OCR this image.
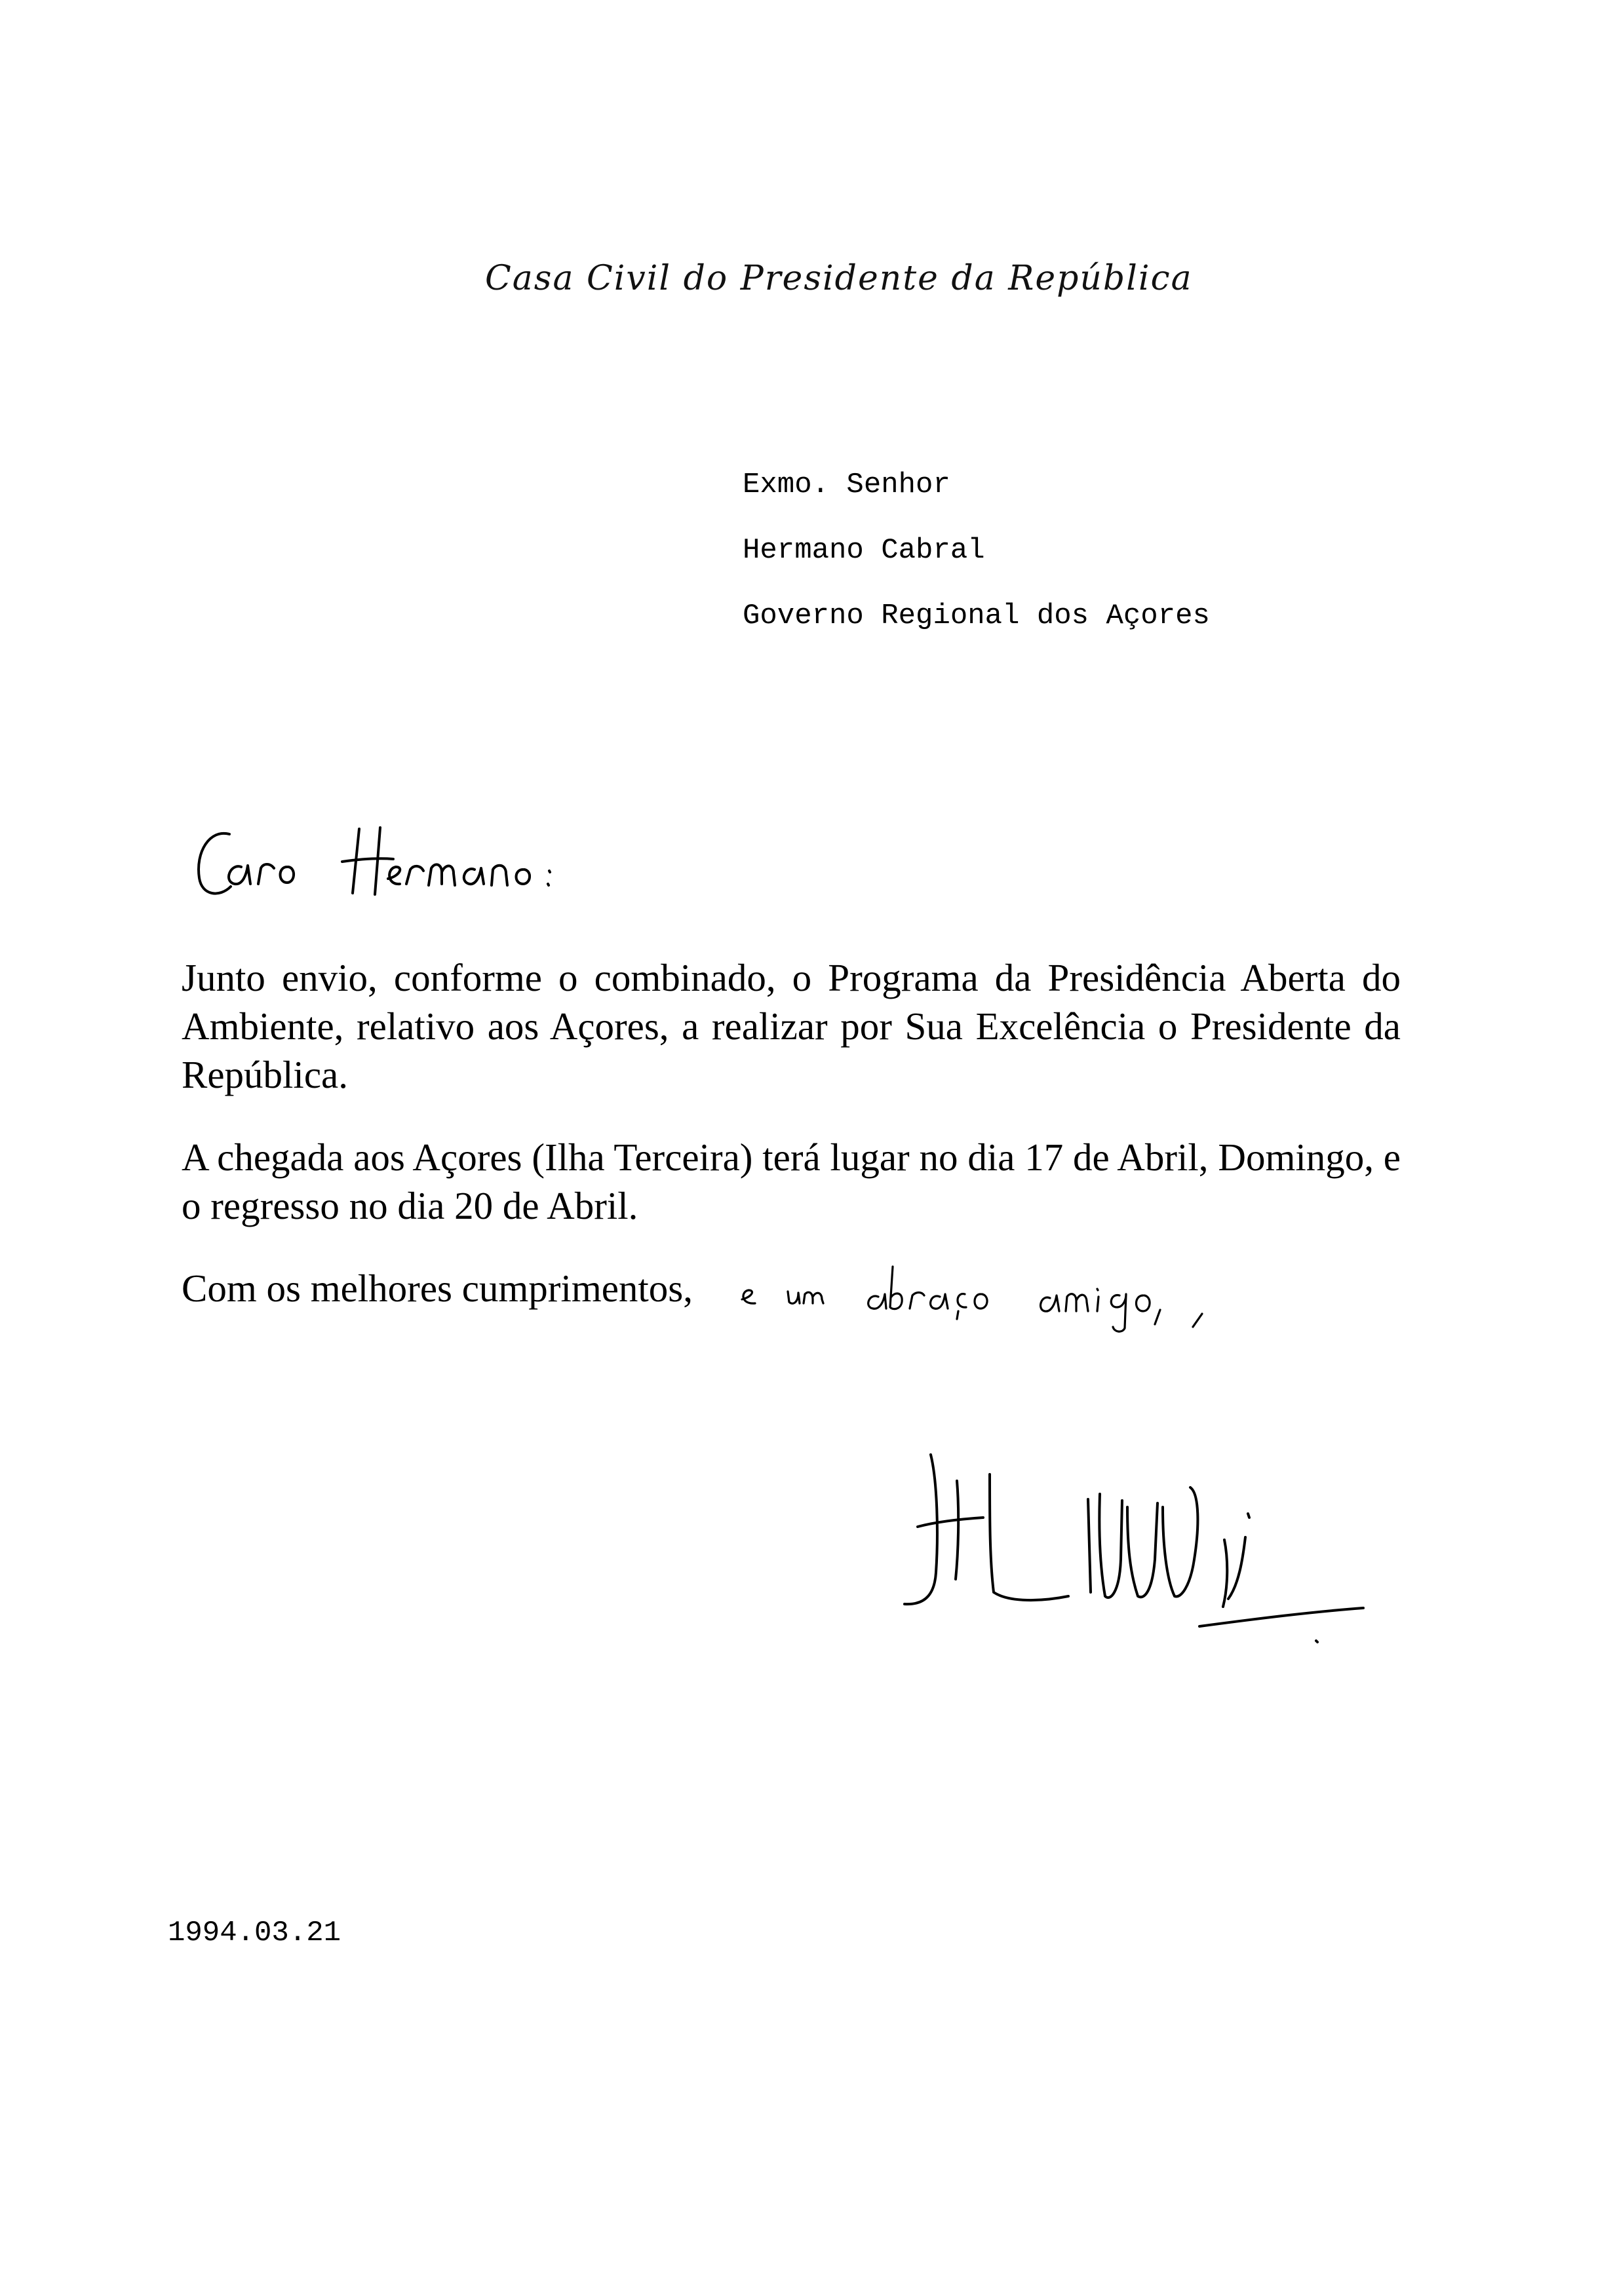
Casa Civil do Presidente da República
Exmo. Senhor
Hermano Cabral
Governo Regional dos Açores

Junto envio, conforme o combinado, o Programa da Presidência Aberta do Ambiente, relativo aos Açores, a realizar por Sua Excelência o Presidente da República.

A chegada aos Açores (Ilha Terceira) terá lugar no dia 17 de Abril, Domingo, e o regresso no dia 20 de Abril.

Com os melhores cumprimentos,
1994.03.21
